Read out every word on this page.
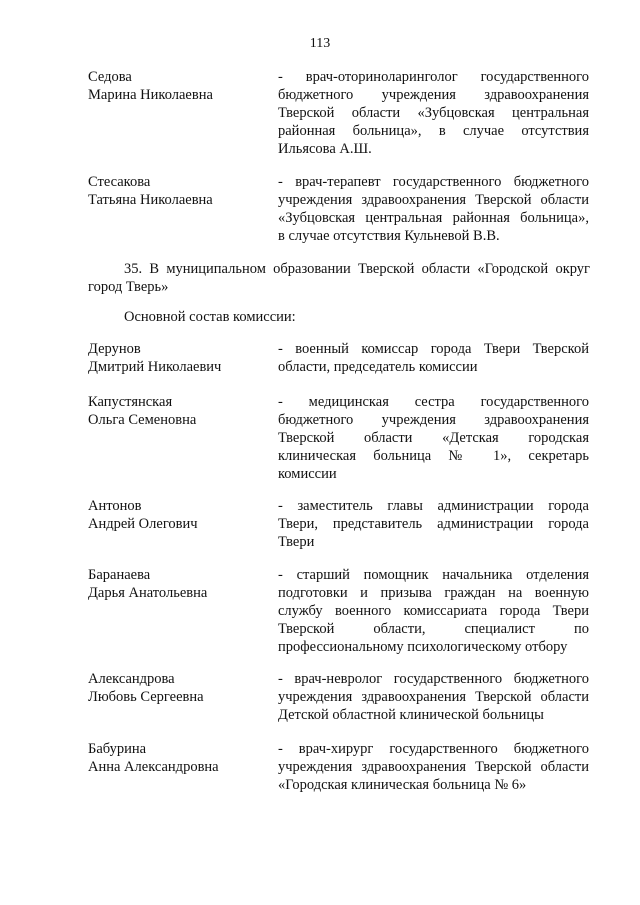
113
Седова
Марина Николаевна
- врач-оториноларинголог государственного
бюджетного учреждения здравоохранения
Тверской области «Зубцовская центральная
районная больница», в случае отсутствия
Ильясова А.Ш.
Стесакова
Татьяна Николаевна
- врач-терапевт государственного бюджетного
учреждения здравоохранения Тверской области
«Зубцовская центральная районная больница»,
в случае отсутствия Кульневой В.В.
35. В муниципальном образовании Тверской области «Городской округ
город Тверь»
Основной состав комиссии:
Дерунов
Дмитрий Николаевич
- военный комиссар города Твери Тверской
области, председатель комиссии
Капустянская
Ольга Семеновна
- медицинская сестра государственного
бюджетного учреждения здравоохранения
Тверской области «Детская городская
клиническая больница № 1», секретарь
комиссии
Антонов
Андрей Олегович
- заместитель главы администрации города
Твери, представитель администрации города
Твери
Баранаева
Дарья Анатольевна
- старший помощник начальника отделения
подготовки и призыва граждан на военную
службу военного комиссариата города Твери
Тверской области, специалист по
профессиональному психологическому отбору
Александрова
Любовь Сергеевна
- врач-невролог государственного бюджетного
учреждения здравоохранения Тверской области
Детской областной клинической больницы
Бабурина
Анна Александровна
- врач-хирург государственного бюджетного
учреждения здравоохранения Тверской области
«Городская клиническая больница № 6»
